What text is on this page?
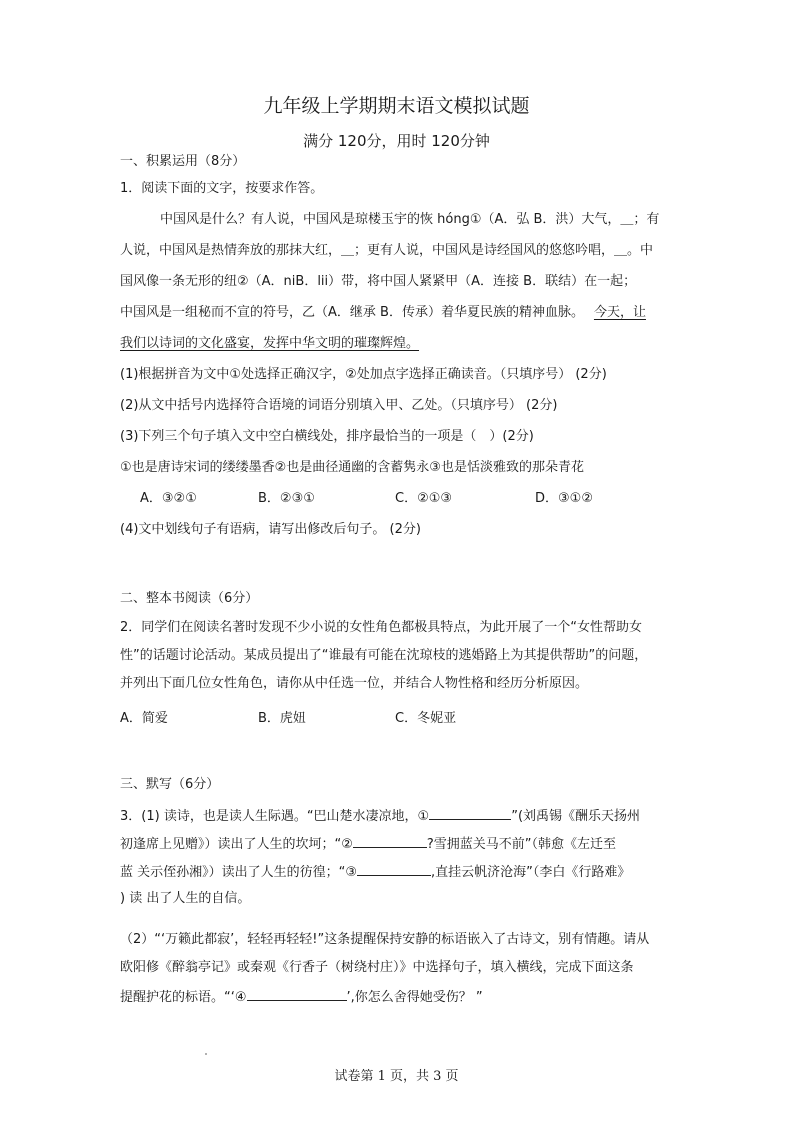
九年级上学期期末语文模拟试题
满分 120分，用时 120分钟
一、积累运用（8分）
1．阅读下面的文字，按要求作答。
中国风是什么？有人说，中国风是琼楼玉宇的恢 hóng①（A．弘 B．洪）大气，＿；有
人说，中国风是热情奔放的那抹大红，＿；更有人说，中国风是诗经国风的悠悠吟唱，＿。中
国风像一条无形的纽②（A．niB．lii）带，将中国人紧紧甲（A．连接 B．联结）在一起；
中国风是一组秘而不宣的符号，乙（A．继承 B．传承）着华夏民族的精神血脉。 今天，让
我们以诗词的文化盛宴，发挥中华文明的璀璨辉煌。
(1)根据拼音为文中①处选择正确汉字，②处加点字选择正确读音。（只填序号） (2分)
(2)从文中括号内选择符合语境的词语分别填入甲、乙处。（只填序号） (2分)
(3)下列三个句子填入文中空白横线处，排序最恰当的一项是（　）(2分)
①也是唐诗宋词的缕缕墨香②也是曲径通幽的含蓄隽永③也是恬淡雅致的那朵青花
A．③②①	B．②③①	C．②①③	D．③①②
(4)文中划线句子有语病，请写出修改后句子。 (2分)
二、整本书阅读（6分）
2．同学们在阅读名著时发现不少小说的女性角色都极具特点，为此开展了一个“女性帮助女
性”的话题讨论活动。某成员提出了“谁最有可能在沈琼枝的逃婚路上为其提供帮助”的问题，
并列出下面几位女性角色，请你从中任选一位，并结合人物性格和经历分析原因。
A．简爱	B．虎妞	C．冬妮亚
三、默写（6分）
3．(1) 读诗，也是读人生际遇。“巴山楚水凄凉地，①	”(刘禹锡《酬乐天扬州
初逢席上见赠》）读出了人生的坎坷；“②	?雪拥蓝关马不前”（韩愈《左迁至
蓝 关示侄孙湘》）读出了人生的彷徨；“③	,直挂云帆济沧海”（李白《行路难》
) 读 出了人生的自信。
（2）“‘万籁此都寂’，轻轻再轻轻!”这条提醒保持安静的标语嵌入了古诗文，别有情趣。请从
欧阳修《醉翁亭记》或秦观《行香子（树绕村庄）》中选择句子，填入横线，完成下面这条
提醒护花的标语。“‘④	’,你怎么舍得她受伤？ ”
试卷第 1 页，共 3 页
